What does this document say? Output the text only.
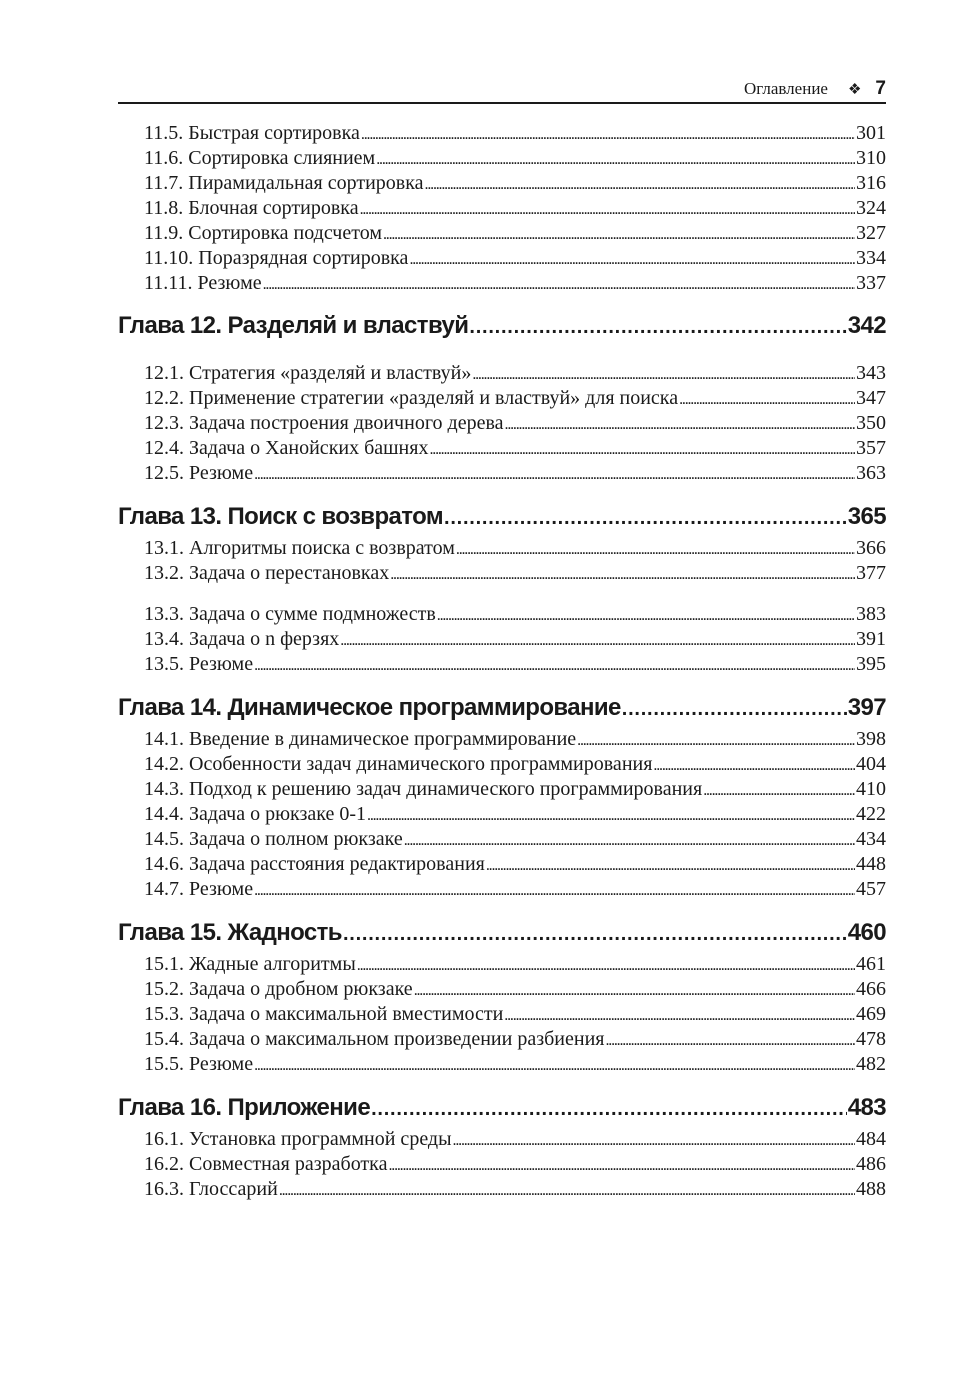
Оглавление ❖ 7
11.5. Быстрая сортировка . . .	301
11.6. Сортировка слиянием . . .	310
11.7. Пирамидальная сортировка . . .	316
11.8. Блочная сортировка . . .	324
11.9. Сортировка подсчетом . . .	327
11.10. Поразрядная сортировка . . .	334
11.11. Резюме . . .	337
Глава 12. Разделяй и властвуй . . .	342
12.1. Стратегия «разделяй и властвуй» . . .	343
12.2. Применение стратегии «разделяй и властвуй» для поиска . . .	347
12.3. Задача построения двоичного дерева . . .	350
12.4. Задача о Ханойских башнях . . .	357
12.5. Резюме . . .	363
Глава 13. Поиск с возвратом . . .	365
13.1. Алгоритмы поиска с возвратом . . .	366
13.2. Задача о перестановках . . .	377
13.3. Задача о сумме подмножеств . . .	383
13.4. Задача о n ферзях . . .	391
13.5. Резюме . . .	395
Глава 14. Динамическое программирование . . .	397
14.1. Введение в динамическое программирование . . .	398
14.2. Особенности задач динамического программирования . . .	404
14.3. Подход к решению задач динамического программирования . . .	410
14.4. Задача о рюкзаке 0-1 . . .	422
14.5. Задача о полном рюкзаке . . .	434
14.6. Задача расстояния редактирования . . .	448
14.7. Резюме . . .	457
Глава 15. Жадность . . .	460
15.1. Жадные алгоритмы . . .	461
15.2. Задача о дробном рюкзаке . . .	466
15.3. Задача о максимальной вместимости . . .	469
15.4. Задача о максимальном произведении разбиения . . .	478
15.5. Резюме . . .	482
Глава 16. Приложение . . .	483
16.1. Установка программной среды . . .	484
16.2. Совместная разработка . . .	486
16.3. Глоссарий . . .	488
